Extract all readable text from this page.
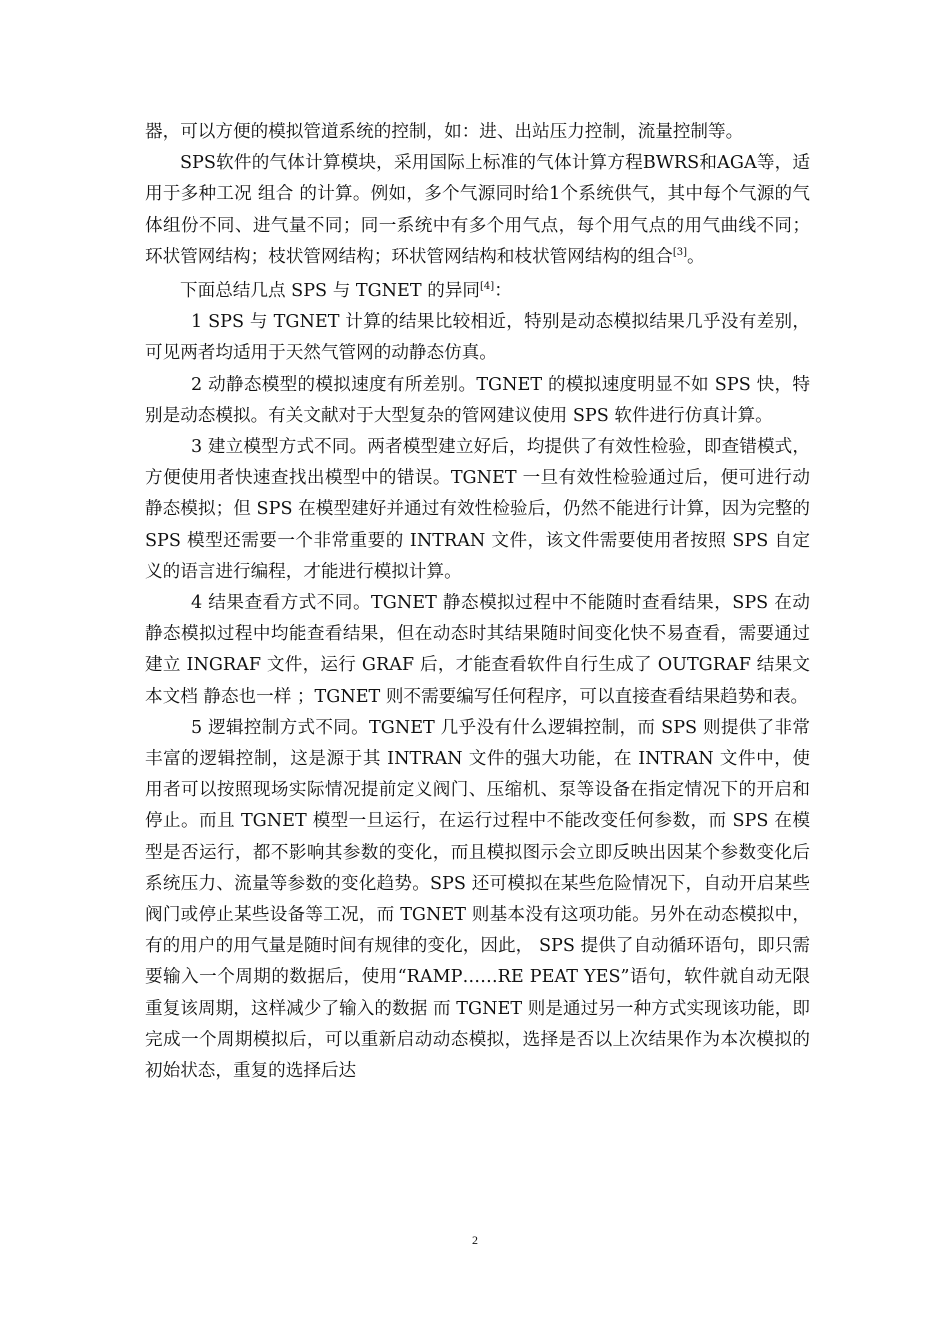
器，可以方便的模拟管道系统的控制，如：进、出站压力控制，流量控制等。

SPS软件的气体计算模块，采用国际上标准的气体计算方程BWRS和AGA等，适用于多种工况 组合 的计算。例如，多个气源同时给1个系统供气，其中每个气源的气体组份不同、进气量不同；同一系统中有多个用气点，每个用气点的用气曲线不同；环状管网结构；枝状管网结构；环状管网结构和枝状管网结构的组合[3]。

下面总结几点 SPS 与 TGNET 的异同[4]：

1 SPS 与 TGNET 计算的结果比较相近，特别是动态模拟结果几乎没有差别，可见两者均适用于天然气管网的动静态仿真。

2 动静态模型的模拟速度有所差别。TGNET 的模拟速度明显不如 SPS 快，特别是动态模拟。有关文献对于大型复杂的管网建议使用 SPS 软件进行仿真计算。

3 建立模型方式不同。两者模型建立好后，均提供了有效性检验，即查错模式，方便使用者快速查找出模型中的错误。TGNET 一旦有效性检验通过后，便可进行动静态模拟；但 SPS 在模型建好并通过有效性检验后，仍然不能进行计算，因为完整的 SPS 模型还需要一个非常重要的 INTRAN 文件，该文件需要使用者按照 SPS 自定义的语言进行编程，才能进行模拟计算。

4 结果查看方式不同。TGNET 静态模拟过程中不能随时查看结果，SPS 在动静态模拟过程中均能查看结果，但在动态时其结果随时间变化快不易查看，需要通过建立 INGRAF 文件，运行 GRAF 后，才能查看软件自行生成了 OUTGRAF 结果文本文档 静态也一样 ；TGNET 则不需要编写任何程序，可以直接查看结果趋势和表。

5 逻辑控制方式不同。TGNET 几乎没有什么逻辑控制，而 SPS 则提供了非常丰富的逻辑控制，这是源于其 INTRAN 文件的强大功能，在 INTRAN 文件中，使用者可以按照现场实际情况提前定义阀门、压缩机、泵等设备在指定情况下的开启和停止。而且 TGNET 模型一旦运行，在运行过程中不能改变任何参数，而 SPS 在模型是否运行，都不影响其参数的变化，而且模拟图示会立即反映出因某个参数变化后系统压力、流量等参数的变化趋势。SPS 还可模拟在某些危险情况下，自动开启某些阀门或停止某些设备等工况，而 TGNET 则基本没有这项功能。另外在动态模拟中，有的用户的用气量是随时间有规律的变化，因此， SPS 提供了自动循环语句，即只需要输入一个周期的数据后，使用“RAMP……RE PEAT YES”语句，软件就自动无限重复该周期，这样减少了输入的数据 而 TGNET 则是通过另一种方式实现该功能，即完成一个周期模拟后，可以重新启动动态模拟，选择是否以上次结果作为本次模拟的初始状态，重复的选择后达

2
